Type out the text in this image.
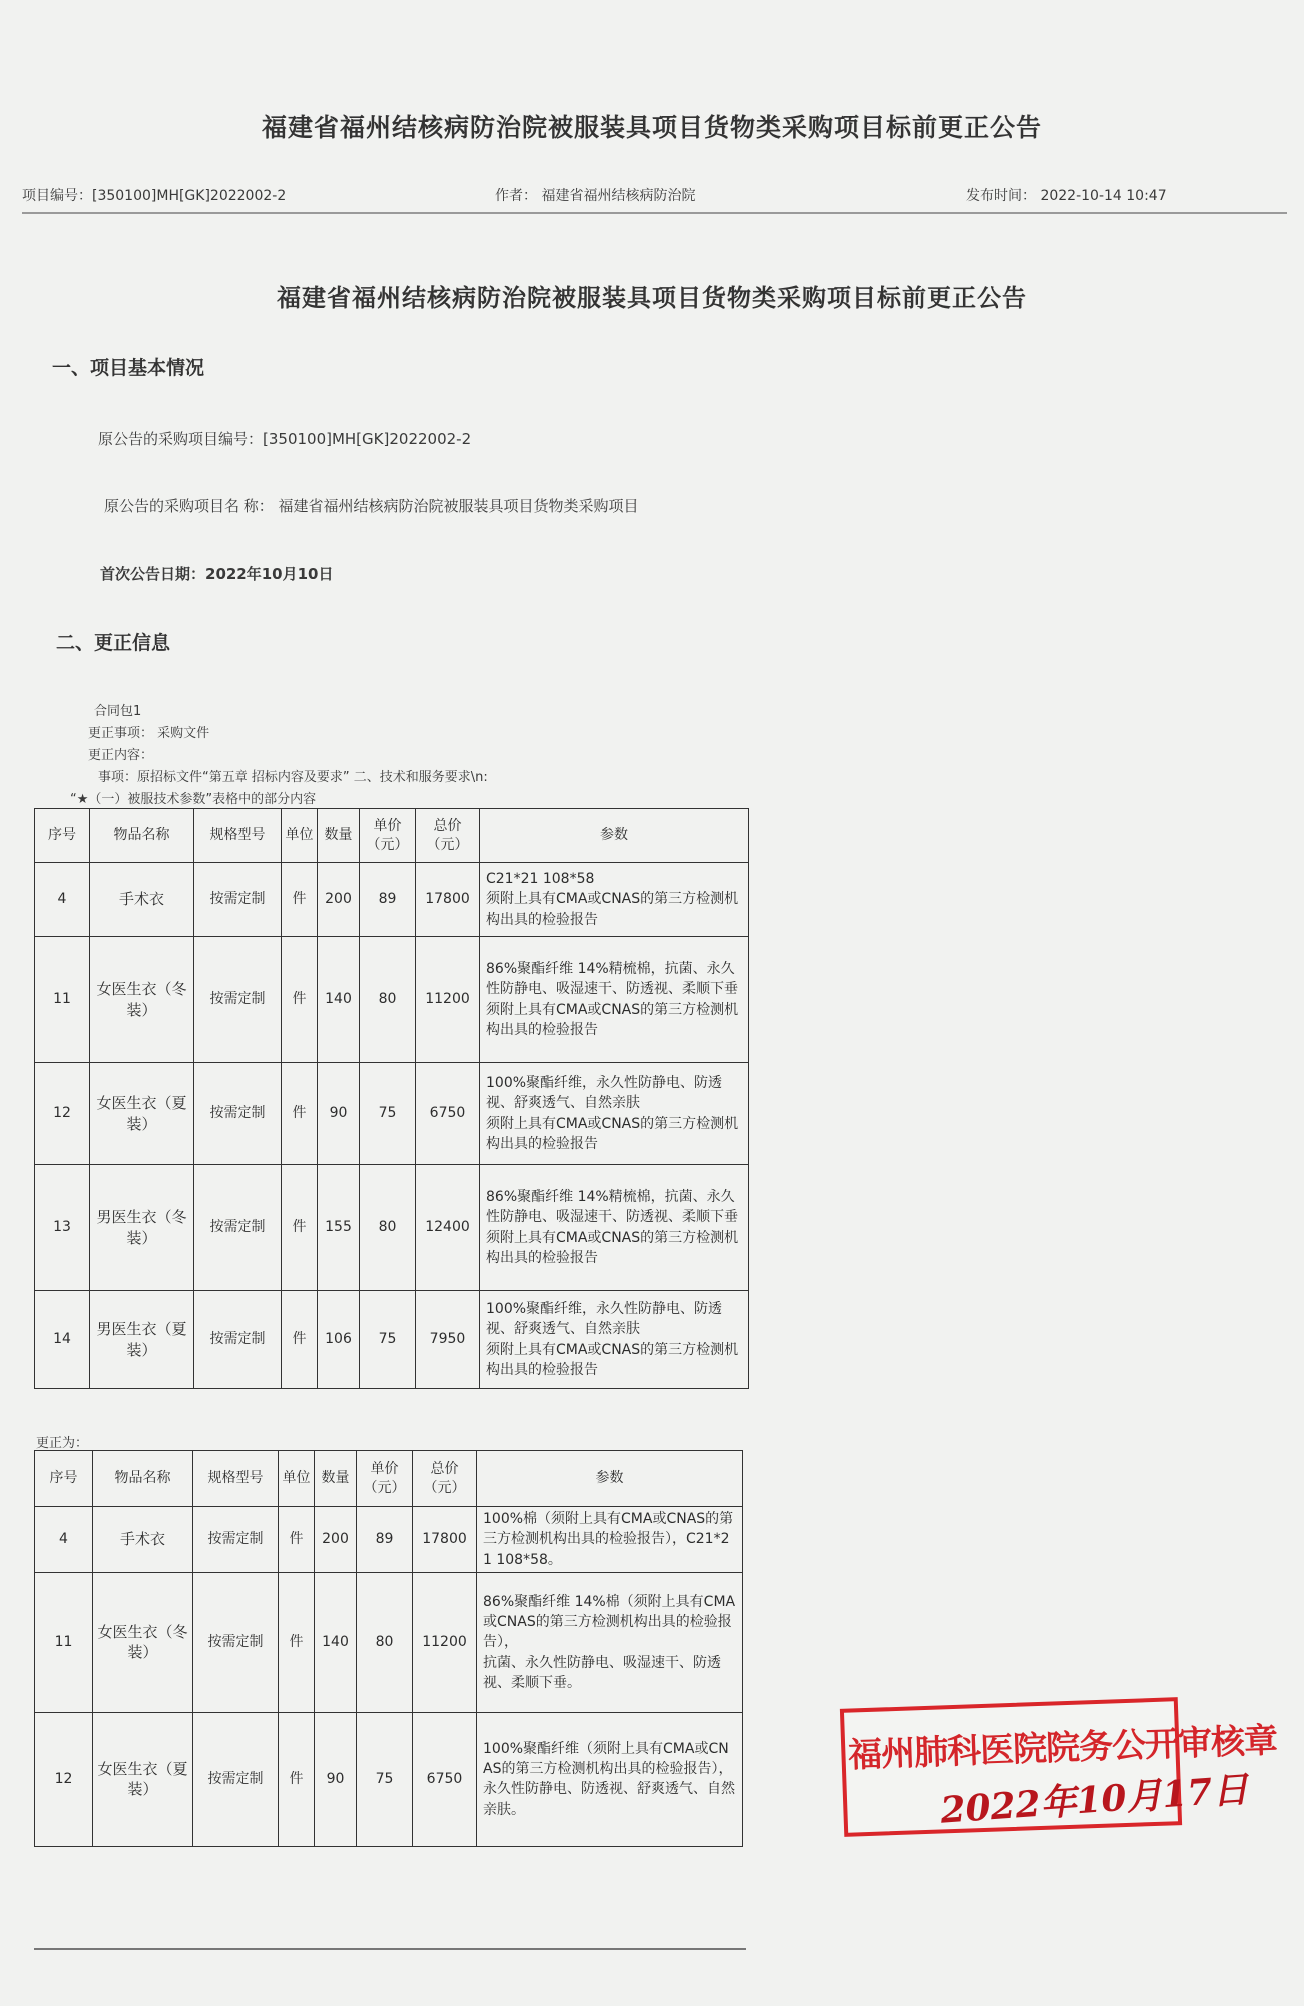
福建省福州结核病防治院被服装具项目货物类采购项目标前更正公告
项目编号：[350100]MH[GK]2022002-2	作者： 福建省福州结核病防治院	发布时间： 2022-10-14 10:47
福建省福州结核病防治院被服装具项目货物类采购项目标前更正公告
一、项目基本情况
原公告的采购项目编号：[350100]MH[GK]2022002-2
原公告的采购项目名 称： 福建省福州结核病防治院被服装具项目货物类采购项目
首次公告日期：2022年10月10日
二、更正信息
合同包1
更正事项： 采购文件
更正内容：
事项：原招标文件“第五章 招标内容及要求” 二、技术和服务要求\n:
“★（一）被服技术参数”表格中的部分内容
序号	物品名称	规格型号	单位	数量	单价（元）	总价（元）	参数
4	手术衣	按需定制	件	200	89	17800	C21*21 108*58
须附上具有CMA或CNAS的第三方检测机构出具的检验报告

11	女医生衣（冬装）	按需定制	件	140	80	11200	86%聚酯纤维 14%精梳棉，抗菌、永久性防静电、吸湿速干、防透视、柔顺下垂
须附上具有CMA或CNAS的第三方检测机构出具的检验报告

12	女医生衣（夏装）	按需定制	件	90	75	6750	100%聚酯纤维，永久性防静电、防透视、舒爽透气、自然亲肤
须附上具有CMA或CNAS的第三方检测机构出具的检验报告

13	男医生衣（冬装）	按需定制	件	155	80	12400	86%聚酯纤维 14%精梳棉，抗菌、永久性防静电、吸湿速干、防透视、柔顺下垂
须附上具有CMA或CNAS的第三方检测机构出具的检验报告

14	男医生衣（夏装）	按需定制	件	106	75	7950	100%聚酯纤维，永久性防静电、防透视、舒爽透气、自然亲肤
须附上具有CMA或CNAS的第三方检测机构出具的检验报告
更正为：
序号	物品名称	规格型号	单位	数量	单价（元）	总价（元）	参数
4	手术衣	按需定制	件	200	89	17800	100%棉（须附上具有CMA或CNAS的第三方检测机构出具的检验报告），C21*21 108*58。

11	女医生衣（冬装）	按需定制	件	140	80	11200	86%聚酯纤维 14%棉（须附上具有CMA或CNAS的第三方检测机构出具的检验报告），
抗菌、永久性防静电、吸湿速干、防透视、柔顺下垂。

12	女医生衣（夏装）	按需定制	件	90	75	6750	100%聚酯纤维（须附上具有CMA或CNAS的第三方检测机构出具的检验报告），永久性防静电、防透视、舒爽透气、自然亲肤。
福州肺科医院院务公开审核章
2022年10月17日
